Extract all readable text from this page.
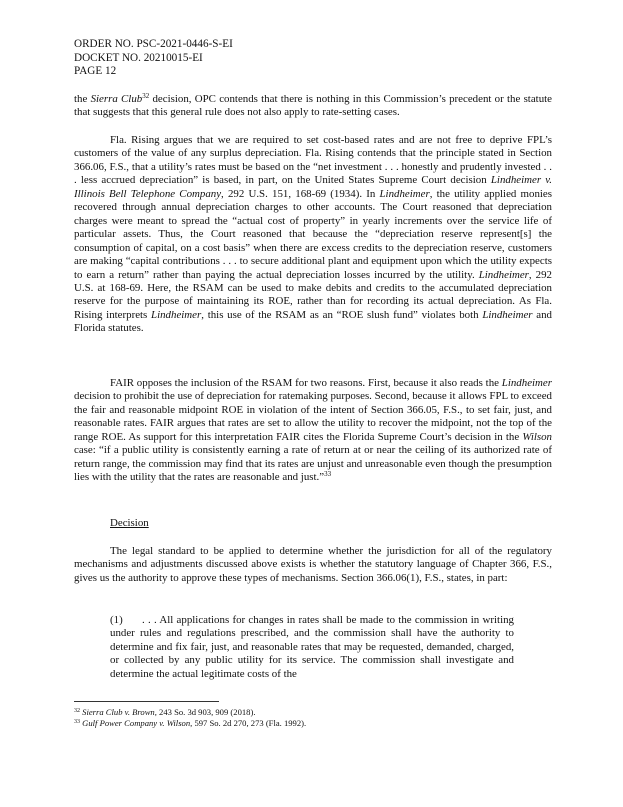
ORDER NO. PSC-2021-0446-S-EI
DOCKET NO. 20210015-EI
PAGE 12

the Sierra Club$^{32}$ decision, OPC contends that there is nothing in this Commission’s precedent or the statute that suggests that this general rule does not also apply to rate-setting cases.

Fla. Rising argues that we are required to set cost-based rates and are not free to deprive FPL’s customers of the value of any surplus depreciation. Fla. Rising contends that the principle stated in Section 366.06, F.S., that a utility’s rates must be based on the “net investment . . . honestly and prudently invested . . . less accrued depreciation” is based, in part, on the United States Supreme Court decision Lindheimer v. Illinois Bell Telephone Company, 292 U.S. 151, 168-69 (1934). In Lindheimer, the utility applied monies recovered through annual depreciation charges to other accounts. The Court reasoned that depreciation charges were meant to spread the “actual cost of property” in yearly increments over the service life of particular assets. Thus, the Court reasoned that because the “depreciation reserve represent[s] the consumption of capital, on a cost basis” when there are excess credits to the depreciation reserve, customers are making “capital contributions . . . to secure additional plant and equipment upon which the utility expects to earn a return” rather than paying the actual depreciation losses incurred by the utility. Lindheimer, 292 U.S. at 168-69. Here, the RSAM can be used to make debits and credits to the accumulated depreciation reserve for the purpose of maintaining its ROE, rather than for recording its actual depreciation. As Fla. Rising interprets Lindheimer, this use of the RSAM as an “ROE slush fund” violates both Lindheimer and Florida statutes.

FAIR opposes the inclusion of the RSAM for two reasons. First, because it also reads the Lindheimer decision to prohibit the use of depreciation for ratemaking purposes. Second, because it allows FPL to exceed the fair and reasonable midpoint ROE in violation of the intent of Section 366.05, F.S., to set fair, just, and reasonable rates. FAIR argues that rates are set to allow the utility to recover the midpoint, not the top of the range ROE. As support for this interpretation FAIR cites the Florida Supreme Court’s decision in the Wilson case: “if a public utility is consistently earning a rate of return at or near the ceiling of its authorized rate of return range, the commission may find that its rates are unjust and unreasonable even though the presumption lies with the utility that the rates are reasonable and just.”$^{33}$

Decision

The legal standard to be applied to determine whether the jurisdiction for all of the regulatory mechanisms and adjustments discussed above exists is whether the statutory language of Chapter 366, F.S., gives us the authority to approve these types of mechanisms. Section 366.06(1), F.S., states, in part:

(1) . . . All applications for changes in rates shall be made to the commission in writing under rules and regulations prescribed, and the commission shall have the authority to determine and fix fair, just, and reasonable rates that may be requested, demanded, charged, or collected by any public utility for its service. The commission shall investigate and determine the actual legitimate costs of the

$^{32}$ Sierra Club v. Brown, 243 So. 3d 903, 909 (2018).
$^{33}$ Gulf Power Company v. Wilson, 597 So. 2d 270, 273 (Fla. 1992).
